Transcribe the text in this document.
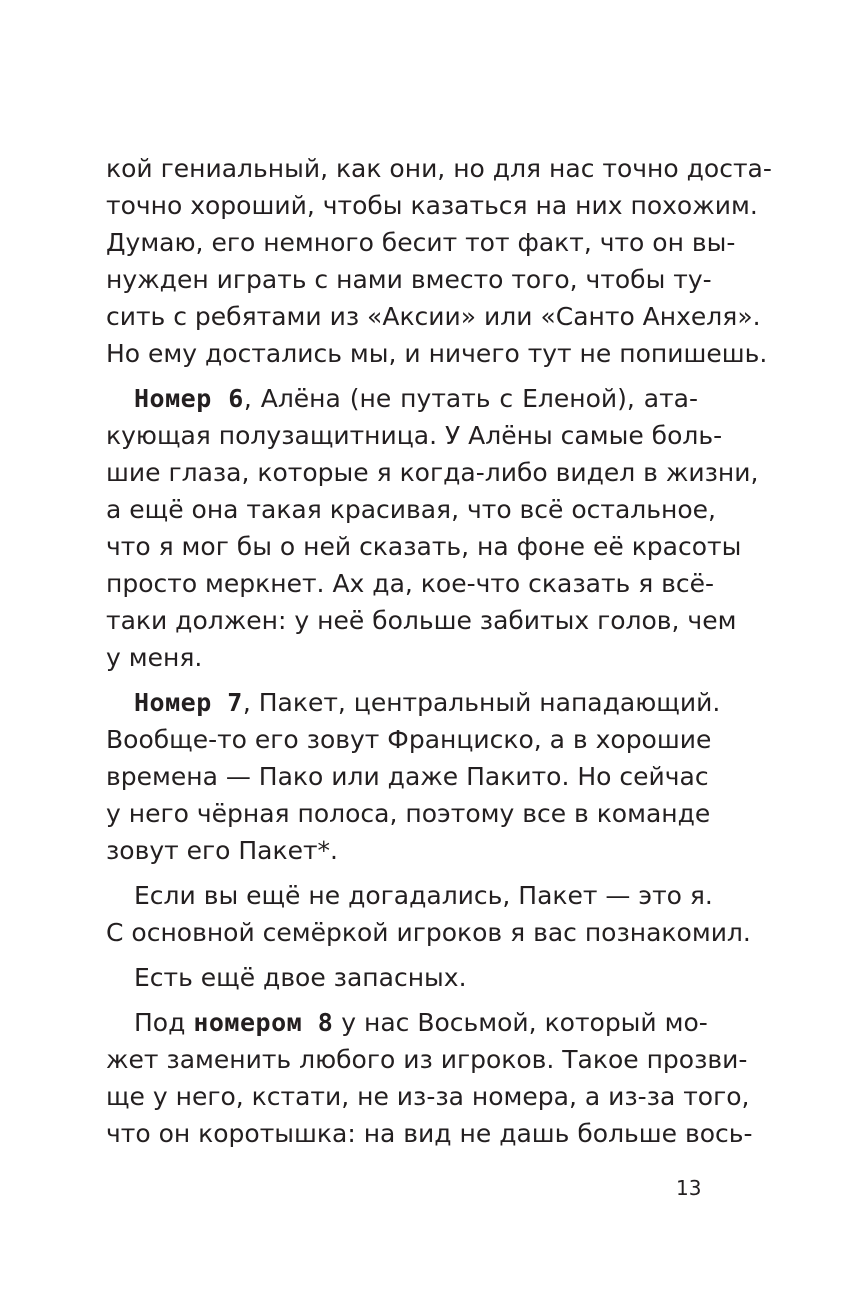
кой гениальный, как они, но для нас точно доста-
точно хороший, чтобы казаться на них похожим.
Думаю, его немного бесит тот факт, что он вы-
нужден играть с нами вместо того, чтобы ту-
сить с ребятами из «Аксии» или «Санто Анхеля».
Но ему достались мы, и ничего тут не попишешь.
Номер 6, Алёна (не путать с Еленой), ата-
кующая полузащитница. У Алёны самые боль-
шие глаза, которые я когда-либо видел в жизни,
а ещё она такая красивая, что всё остальное,
что я мог бы о ней сказать, на фоне её красоты
просто меркнет. Ах да, кое-что сказать я всё-
таки должен: у неё больше забитых голов, чем
у меня.
Номер 7, Пакет, центральный нападающий.
Вообще-то его зовут Франциско, а в хорошие
времена — Пако или даже Пакито. Но сейчас
у него чёрная полоса, поэтому все в команде
зовут его Пакет*.
Если вы ещё не догадались, Пакет — это я.
С основной семёркой игроков я вас познакомил.
Есть ещё двое запасных.
Под номером 8 у нас Восьмой, который мо-
жет заменить любого из игроков. Такое прозви-
ще у него, кстати, не из-за номера, а из-за того,
что он коротышка: на вид не дашь больше вось-
13
